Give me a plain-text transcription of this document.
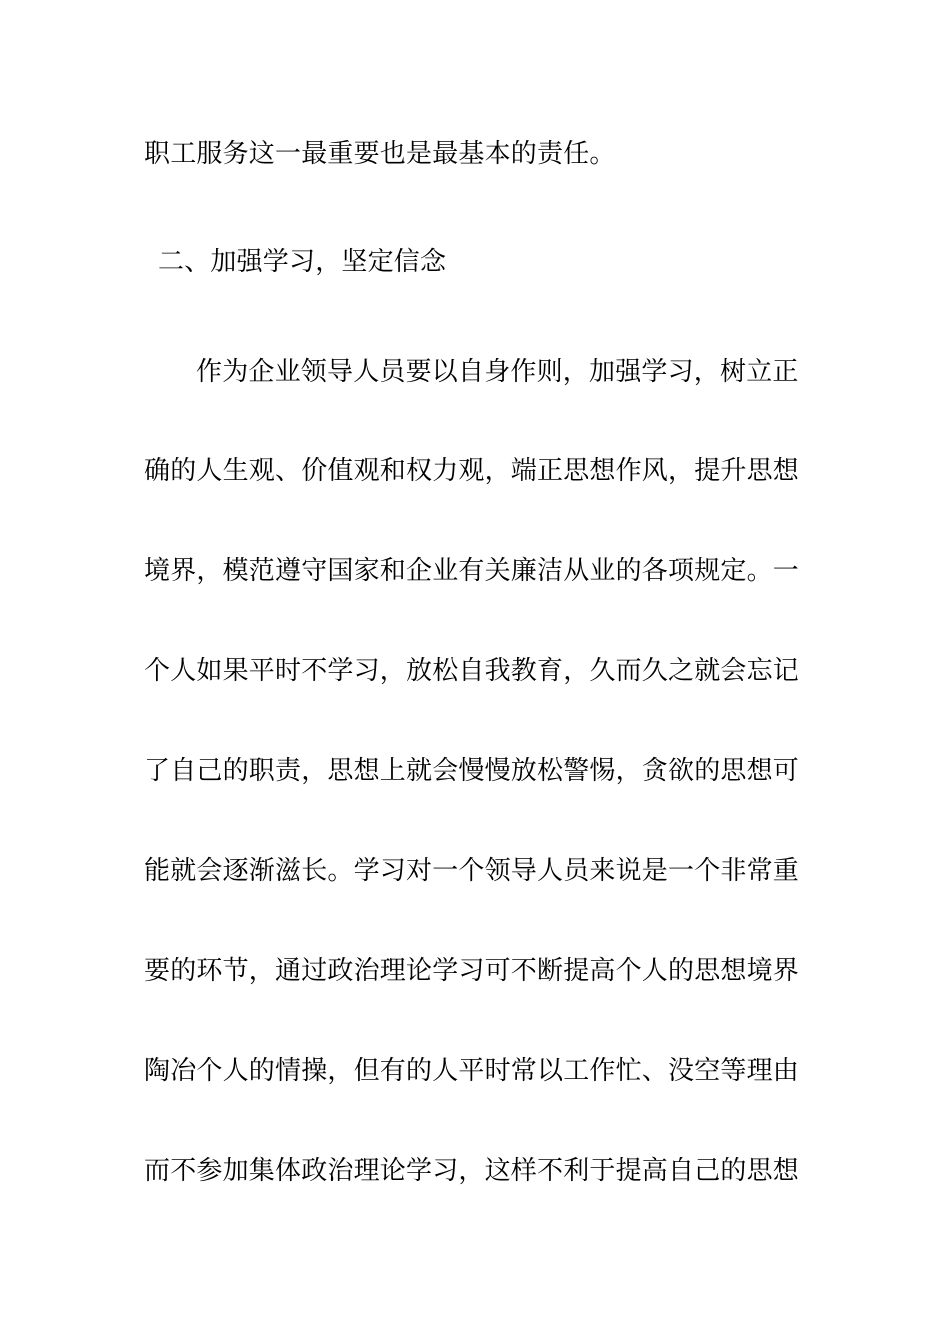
职工服务这一最重要也是最基本的责任。
二、加强学习，坚定信念
作为企业领导人员要以自身作则，加强学习，树立正
确的人生观、价值观和权力观，端正思想作风，提升思想
境界，模范遵守国家和企业有关廉洁从业的各项规定。一
个人如果平时不学习，放松自我教育，久而久之就会忘记
了自己的职责，思想上就会慢慢放松警惕，贪欲的思想可
能就会逐渐滋长。学习对一个领导人员来说是一个非常重
要的环节，通过政治理论学习可不断提高个人的思想境界
陶冶个人的情操，但有的人平时常以工作忙、没空等理由
而不参加集体政治理论学习，这样不利于提高自己的思想
